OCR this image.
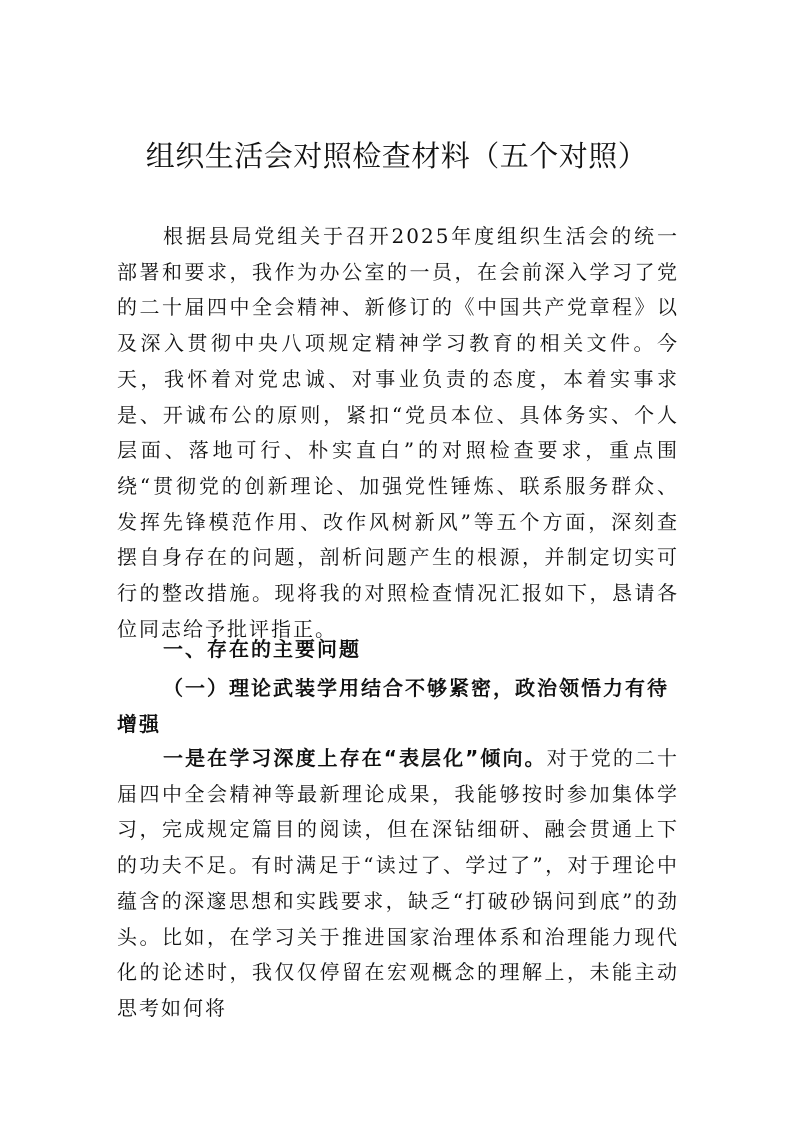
组织生活会对照检查材料（五个对照）
根据县局党组关于召开2025年度组织生活会的统一部署和要求，我作为办公室的一员，在会前深入学习了党的二十届四中全会精神、新修订的《中国共产党章程》以及深入贯彻中央八项规定精神学习教育的相关文件。今天，我怀着对党忠诚、对事业负责的态度，本着实事求是、开诚布公的原则，紧扣“党员本位、具体务实、个人层面、落地可行、朴实直白”的对照检查要求，重点围绕“贯彻党的创新理论、加强党性锤炼、联系服务群众、发挥先锋模范作用、改作风树新风”等五个方面，深刻查摆自身存在的问题，剖析问题产生的根源，并制定切实可行的整改措施。现将我的对照检查情况汇报如下，恳请各位同志给予批评指正。
一、存在的主要问题
（一）理论武装学用结合不够紧密，政治领悟力有待增强
一是在学习深度上存在“表层化”倾向。对于党的二十届四中全会精神等最新理论成果，我能够按时参加集体学习，完成规定篇目的阅读，但在深钻细研、融会贯通上下的功夫不足。有时满足于“读过了、学过了”，对于理论中蕴含的深邃思想和实践要求，缺乏“打破砂锅问到底”的劲头。比如，在学习关于推进国家治理体系和治理能力现代化的论述时，我仅仅停留在宏观概念的理解上，未能主动思考如何将
